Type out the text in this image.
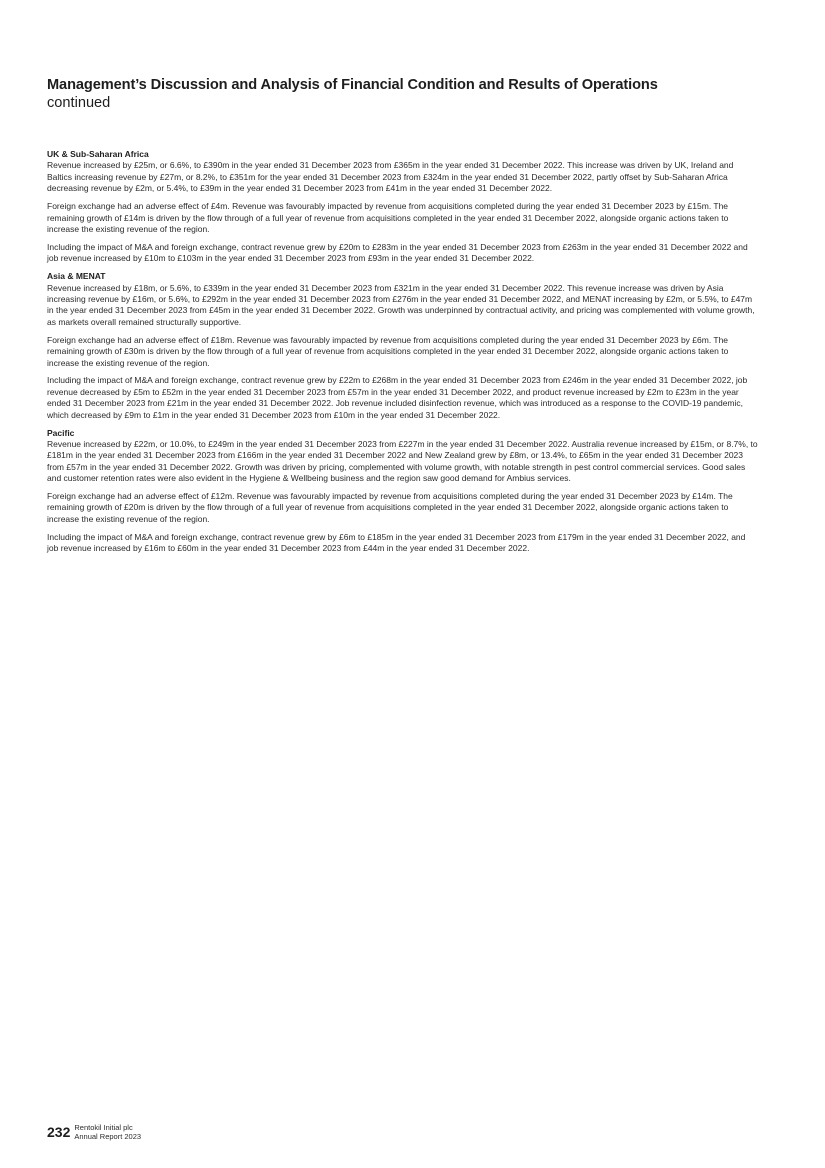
Management’s Discussion and Analysis of Financial Condition and Results of Operations
continued
UK & Sub-Saharan Africa

Revenue increased by £25m, or 6.6%, to £390m in the year ended 31 December 2023 from £365m in the year ended 31 December 2022. This increase was driven by UK, Ireland and Baltics increasing revenue by £27m, or 8.2%, to £351m for the year ended 31 December 2023 from £324m in the year ended 31 December 2022, partly offset by Sub-Saharan Africa decreasing revenue by £2m, or 5.4%, to £39m in the year ended 31 December 2023 from £41m in the year ended 31 December 2022.

Foreign exchange had an adverse effect of £4m. Revenue was favourably impacted by revenue from acquisitions completed during the year ended 31 December 2023 by £15m. The remaining growth of £14m is driven by the flow through of a full year of revenue from acquisitions completed in the year ended 31 December 2022, alongside organic actions taken to increase the existing revenue of the region.

Including the impact of M&A and foreign exchange, contract revenue grew by £20m to £283m in the year ended 31 December 2023 from £263m in the year ended 31 December 2022 and job revenue increased by £10m to £103m in the year ended 31 December 2023 from £93m in the year ended 31 December 2022.

Asia & MENAT

Revenue increased by £18m, or 5.6%, to £339m in the year ended 31 December 2023 from £321m in the year ended 31 December 2022. This revenue increase was driven by Asia increasing revenue by £16m, or 5.6%, to £292m in the year ended 31 December 2023 from £276m in the year ended 31 December 2022, and MENAT increasing by £2m, or 5.5%, to £47m in the year ended 31 December 2023 from £45m in the year ended 31 December 2022. Growth was underpinned by contractual activity, and pricing was complemented with volume growth, as markets overall remained structurally supportive.

Foreign exchange had an adverse effect of £18m. Revenue was favourably impacted by revenue from acquisitions completed during the year ended 31 December 2023 by £6m. The remaining growth of £30m is driven by the flow through of a full year of revenue from acquisitions completed in the year ended 31 December 2022, alongside organic actions taken to increase the existing revenue of the region.

Including the impact of M&A and foreign exchange, contract revenue grew by £22m to £268m in the year ended 31 December 2023 from £246m in the year ended 31 December 2022, job revenue decreased by £5m to £52m in the year ended 31 December 2023 from £57m in the year ended 31 December 2022, and product revenue increased by £2m to £23m in the year ended 31 December 2023 from £21m in the year ended 31 December 2022. Job revenue included disinfection revenue, which was introduced as a response to the COVID-19 pandemic, which decreased by £9m to £1m in the year ended 31 December 2023 from £10m in the year ended 31 December 2022.

Pacific

Revenue increased by £22m, or 10.0%, to £249m in the year ended 31 December 2023 from £227m in the year ended 31 December 2022. Australia revenue increased by £15m, or 8.7%, to £181m in the year ended 31 December 2023 from £166m in the year ended 31 December 2022 and New Zealand grew by £8m, or 13.4%, to £65m in the year ended 31 December 2023 from £57m in the year ended 31 December 2022. Growth was driven by pricing, complemented with volume growth, with notable strength in pest control commercial services. Good sales and customer retention rates were also evident in the Hygiene & Wellbeing business and the region saw good demand for Ambius services.

Foreign exchange had an adverse effect of £12m. Revenue was favourably impacted by revenue from acquisitions completed during the year ended 31 December 2023 by £14m. The remaining growth of £20m is driven by the flow through of a full year of revenue from acquisitions completed in the year ended 31 December 2022, alongside organic actions taken to increase the existing revenue of the region.

Including the impact of M&A and foreign exchange, contract revenue grew by £6m to £185m in the year ended 31 December 2023 from £179m in the year ended 31 December 2022, and job revenue increased by £16m to £60m in the year ended 31 December 2023 from £44m in the year ended 31 December 2022.

232 Rentokil Initial plc
Annual Report 2023
